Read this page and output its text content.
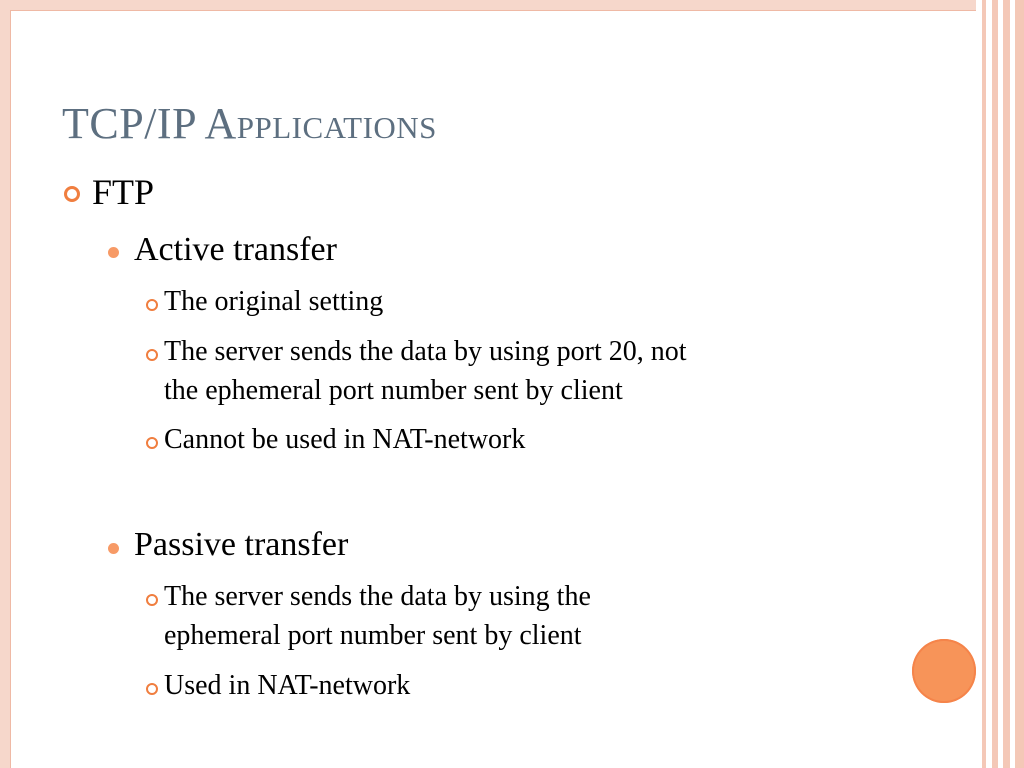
TCP/IP Applications
FTP
Active transfer
The original setting
The server sends the data by using port 20, not
the ephemeral port number sent by client
Cannot be used in NAT-network
Passive transfer
The server sends the data by using the
ephemeral port number sent by client
Used in NAT-network
